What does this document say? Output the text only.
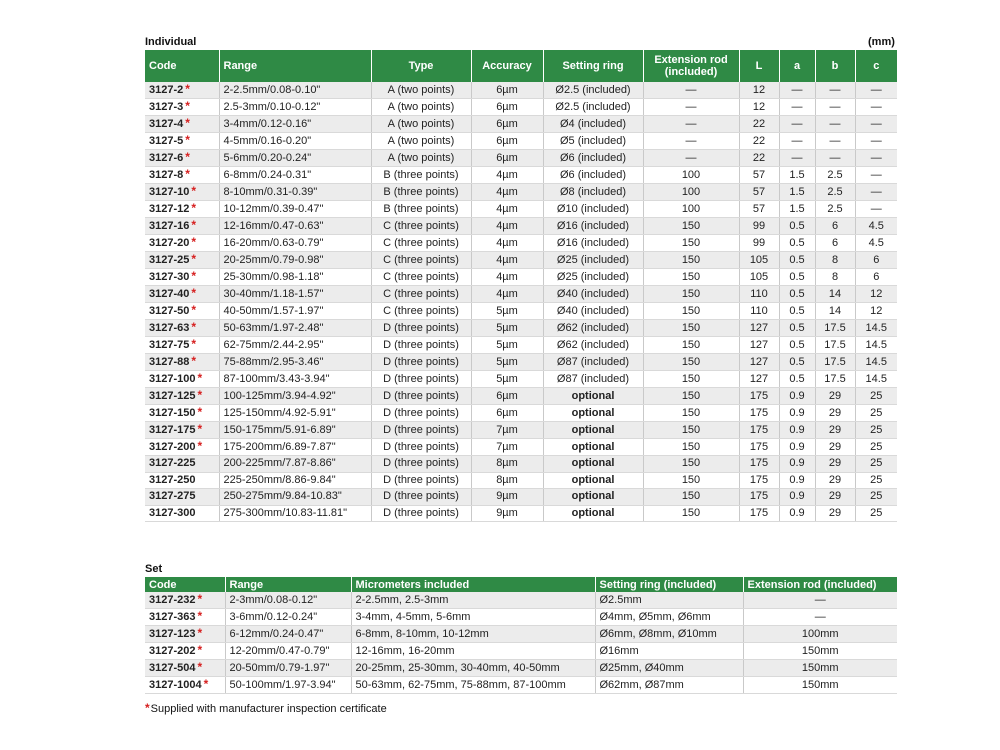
Individual	(mm)
Code	Range	Type	Accuracy	Setting ring	Extension rod (included)	L	a	b	c
3127-2 *	2-2.5mm/0.08-0.10"	A (two points)	6µm	Ø2.5 (included)	—	12	—	—	—
3127-3 *	2.5-3mm/0.10-0.12"	A (two points)	6µm	Ø2.5 (included)	—	12	—	—	—
3127-4 *	3-4mm/0.12-0.16"	A (two points)	6µm	Ø4 (included)	—	22	—	—	—
3127-5 *	4-5mm/0.16-0.20"	A (two points)	6µm	Ø5 (included)	—	22	—	—	—
3127-6 *	5-6mm/0.20-0.24"	A (two points)	6µm	Ø6 (included)	—	22	—	—	—
3127-8 *	6-8mm/0.24-0.31"	B (three points)	4µm	Ø6 (included)	100	57	1.5	2.5	—
3127-10 *	8-10mm/0.31-0.39"	B (three points)	4µm	Ø8 (included)	100	57	1.5	2.5	—
3127-12 *	10-12mm/0.39-0.47"	B (three points)	4µm	Ø10 (included)	100	57	1.5	2.5	—
3127-16 *	12-16mm/0.47-0.63"	C (three points)	4µm	Ø16 (included)	150	99	0.5	6	4.5
3127-20 *	16-20mm/0.63-0.79"	C (three points)	4µm	Ø16 (included)	150	99	0.5	6	4.5
3127-25 *	20-25mm/0.79-0.98"	C (three points)	4µm	Ø25 (included)	150	105	0.5	8	6
3127-30 *	25-30mm/0.98-1.18"	C (three points)	4µm	Ø25 (included)	150	105	0.5	8	6
3127-40 *	30-40mm/1.18-1.57"	C (three points)	4µm	Ø40 (included)	150	110	0.5	14	12
3127-50 *	40-50mm/1.57-1.97"	C (three points)	5µm	Ø40 (included)	150	110	0.5	14	12
3127-63 *	50-63mm/1.97-2.48"	D (three points)	5µm	Ø62 (included)	150	127	0.5	17.5	14.5
3127-75 *	62-75mm/2.44-2.95"	D (three points)	5µm	Ø62 (included)	150	127	0.5	17.5	14.5
3127-88 *	75-88mm/2.95-3.46"	D (three points)	5µm	Ø87 (included)	150	127	0.5	17.5	14.5
3127-100 *	87-100mm/3.43-3.94"	D (three points)	5µm	Ø87 (included)	150	127	0.5	17.5	14.5
3127-125 *	100-125mm/3.94-4.92"	D (three points)	6µm	optional	150	175	0.9	29	25
3127-150 *	125-150mm/4.92-5.91"	D (three points)	6µm	optional	150	175	0.9	29	25
3127-175 *	150-175mm/5.91-6.89"	D (three points)	7µm	optional	150	175	0.9	29	25
3127-200 *	175-200mm/6.89-7.87"	D (three points)	7µm	optional	150	175	0.9	29	25
3127-225	200-225mm/7.87-8.86"	D (three points)	8µm	optional	150	175	0.9	29	25
3127-250	225-250mm/8.86-9.84"	D (three points)	8µm	optional	150	175	0.9	29	25
3127-275	250-275mm/9.84-10.83"	D (three points)	9µm	optional	150	175	0.9	29	25
3127-300	275-300mm/10.83-11.81"	D (three points)	9µm	optional	150	175	0.9	29	25
Set
Code	Range	Micrometers included	Setting ring (included)	Extension rod (included)
3127-232 *	2-3mm/0.08-0.12"	2-2.5mm, 2.5-3mm	Ø2.5mm	—
3127-363 *	3-6mm/0.12-0.24"	3-4mm, 4-5mm, 5-6mm	Ø4mm, Ø5mm, Ø6mm	—
3127-123 *	6-12mm/0.24-0.47"	6-8mm, 8-10mm, 10-12mm	Ø6mm, Ø8mm, Ø10mm	100mm
3127-202 *	12-20mm/0.47-0.79"	12-16mm, 16-20mm	Ø16mm	150mm
3127-504 *	20-50mm/0.79-1.97"	20-25mm, 25-30mm, 30-40mm, 40-50mm	Ø25mm, Ø40mm	150mm
3127-1004 *	50-100mm/1.97-3.94"	50-63mm, 62-75mm, 75-88mm, 87-100mm	Ø62mm, Ø87mm	150mm
*Supplied with manufacturer inspection certificate
